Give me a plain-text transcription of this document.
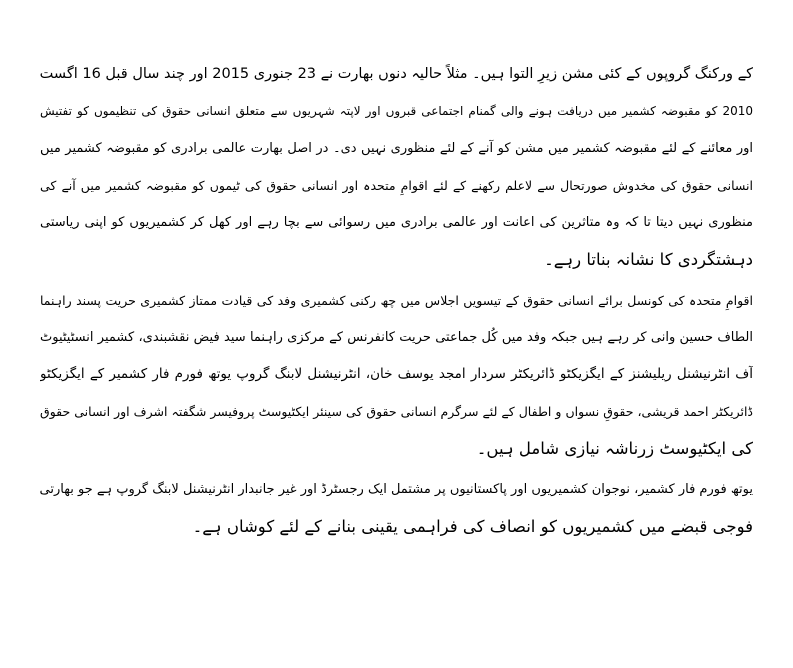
کے ورکنگ گروپوں کے کئی مشن زیرِ التوا ہیں۔ مثلاً حالیہ دنوں بھارت نے 23 جنوری 2015 اور چند سال قبل 16 اگست
2010 کو مقبوضہ کشمیر میں دریافت ہونے والی گمنام اجتماعی قبروں اور لاپتہ شہریوں سے متعلق انسانی حقوق کی تنظیموں کو تفتیش
اور معائنے کے لئے مقبوضہ کشمیر میں مشن کو آنے کے لئے منظوری نہیں دی۔ در اصل بھارت عالمی برادری کو مقبوضہ کشمیر میں
انسانی حقوق کی مخدوش صورتحال سے لاعلم رکھنے کے لئے اقوامِ متحدہ اور انسانی حقوق کی ٹیموں کو مقبوضہ کشمیر میں آنے کی
منظوری نہیں دیتا تا کہ وہ متاثرین کی اعانت اور عالمی برادری میں رسوائی سے بچا رہے اور کھل کر کشمیریوں کو اپنی ریاستی
دہشتگردی کا نشانہ بناتا رہے۔
اقوامِ متحدہ کی کونسل برائے انسانی حقوق کے تیسویں اجلاس میں چھ رکنی کشمیری وفد کی قیادت ممتاز کشمیری حریت پسند راہنما
الطاف حسین وانی کر رہے ہیں جبکہ وفد میں کُل جماعتی حریت کانفرنس کے مرکزی راہنما سید فیض نقشبندی، کشمیر انسٹیٹیوٹ
آف انٹرنیشنل ریلیشنز کے ایگزیکٹو ڈائریکٹر سردار امجد یوسف خان، انٹرنیشنل لابنگ گروپ یوتھ فورم فار کشمیر کے ایگزیکٹو
ڈائریکٹر احمد قریشی، حقوقِ نسواں و اطفال کے لئے سرگرم انسانی حقوق کی سینئر ایکٹیوسٹ پروفیسر شگفتہ اشرف اور انسانی حقوق
کی ایکٹیوسٹ زرناشہ نیازی شامل ہیں۔
یوتھ فورم فار کشمیر، نوجوان کشمیریوں اور پاکستانیوں پر مشتمل ایک رجسٹرڈ اور غیر جانبدار انٹرنیشنل لابنگ گروپ ہے جو بھارتی
فوجی قبضے میں کشمیریوں کو انصاف کی فراہمی یقینی بنانے کے لئے کوشاں ہے۔
